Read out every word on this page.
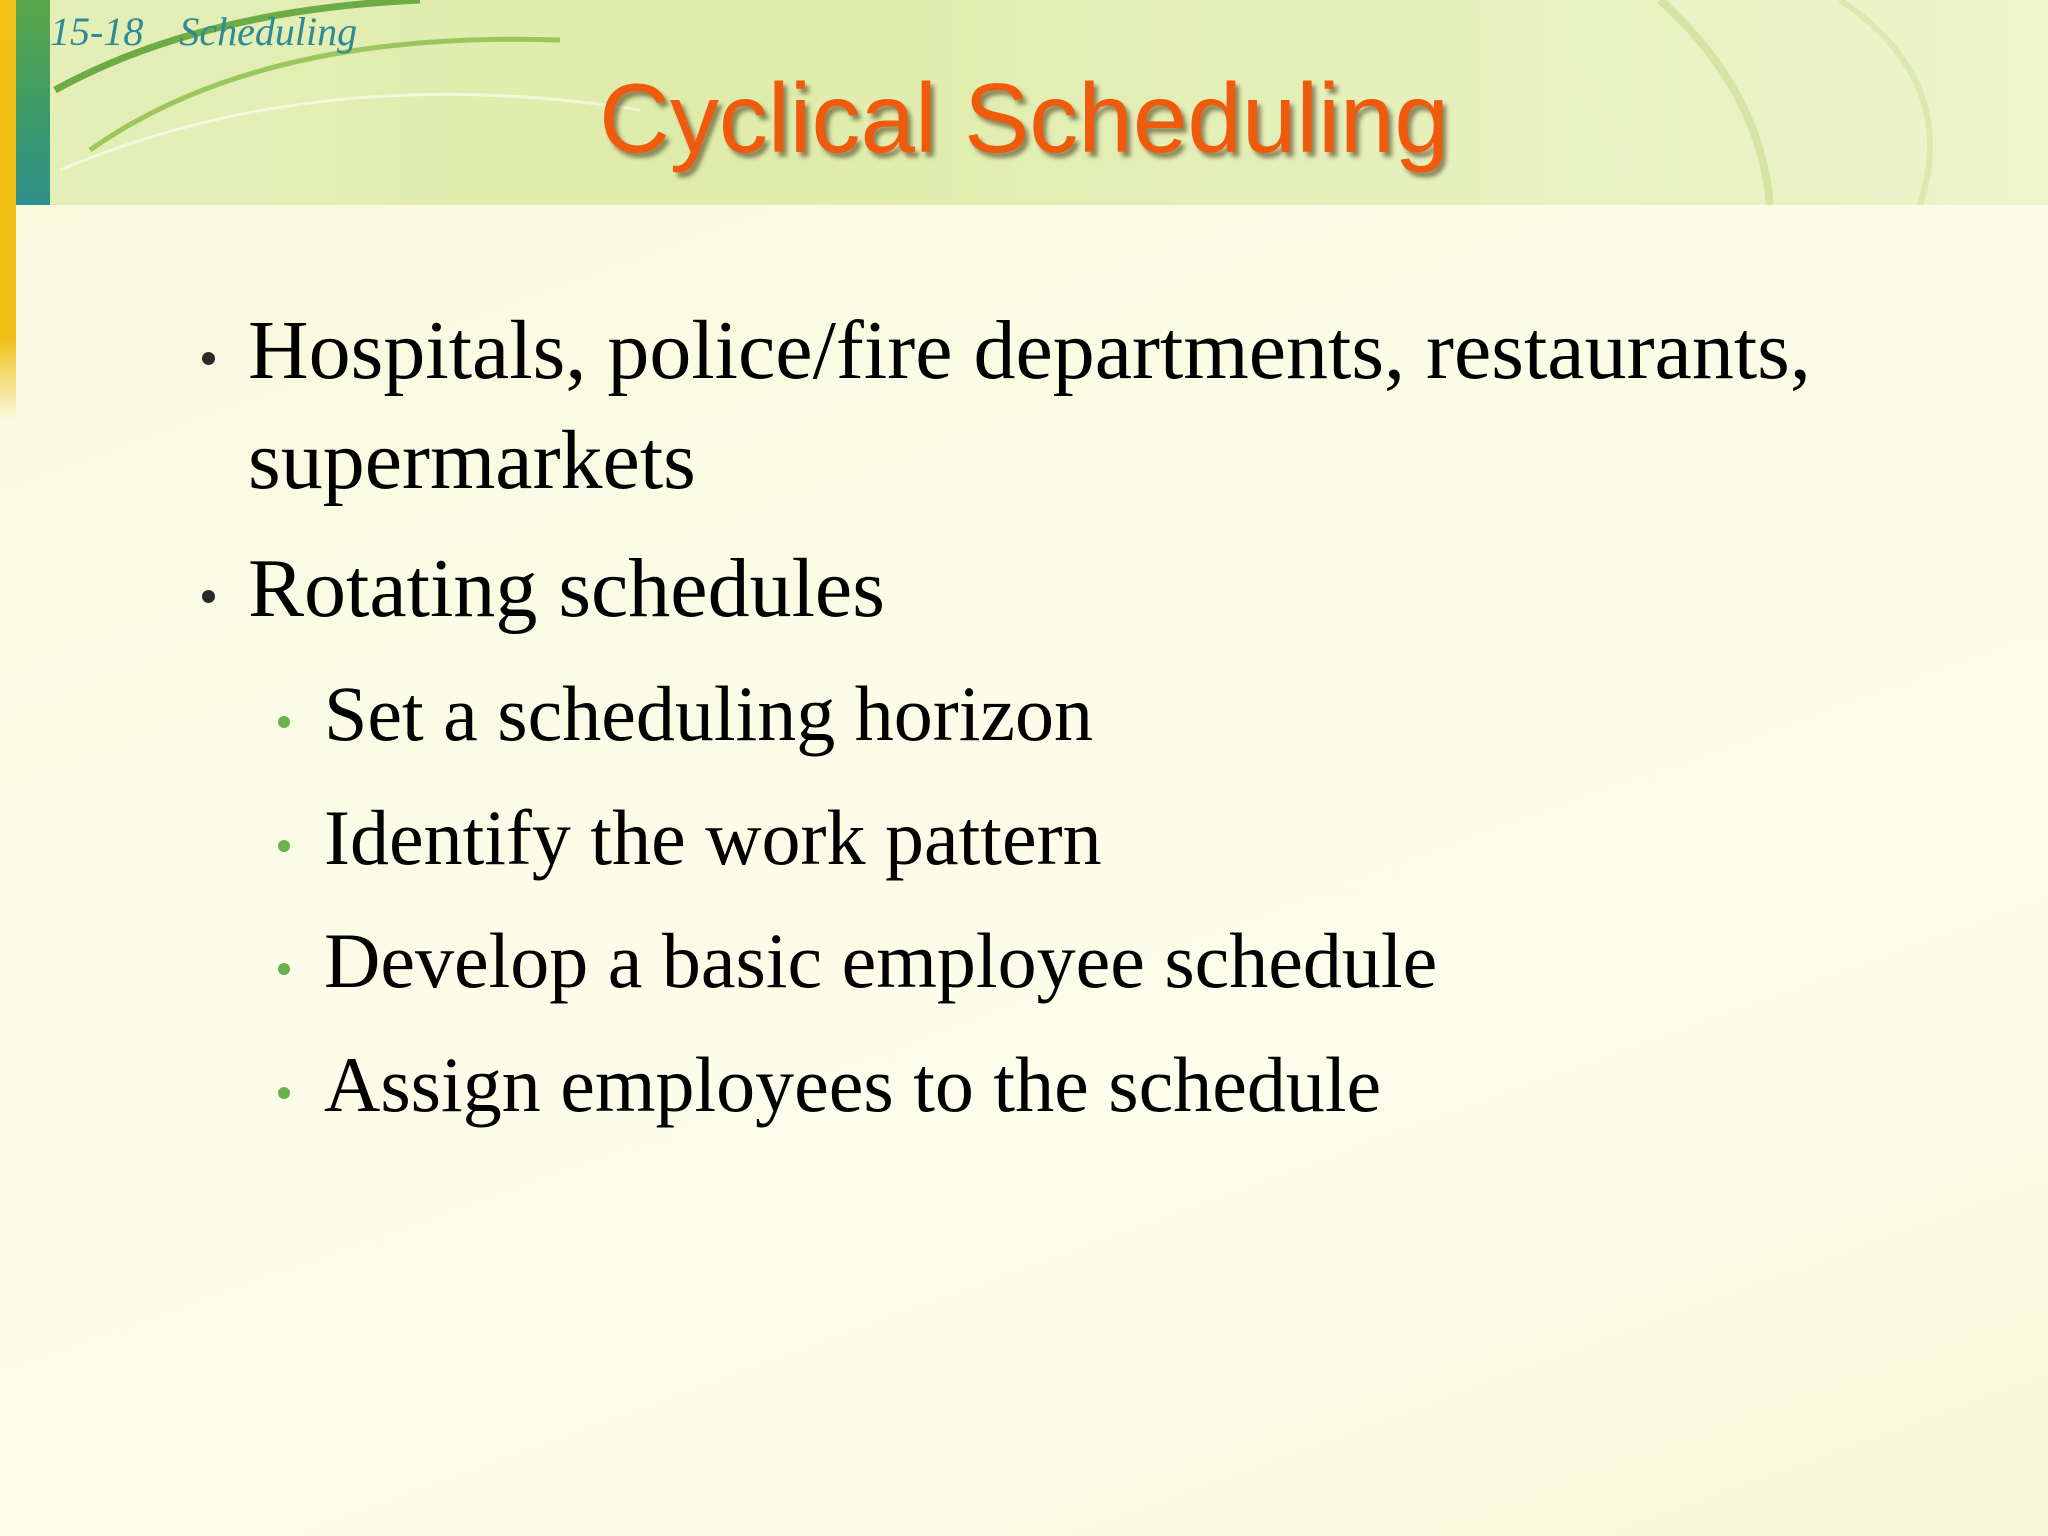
15-18 Scheduling
Cyclical Scheduling
Hospitals, police/fire departments, restaurants,
supermarkets
Rotating schedules
Set a scheduling horizon
Identify the work pattern
Develop a basic employee schedule
Assign employees to the schedule
